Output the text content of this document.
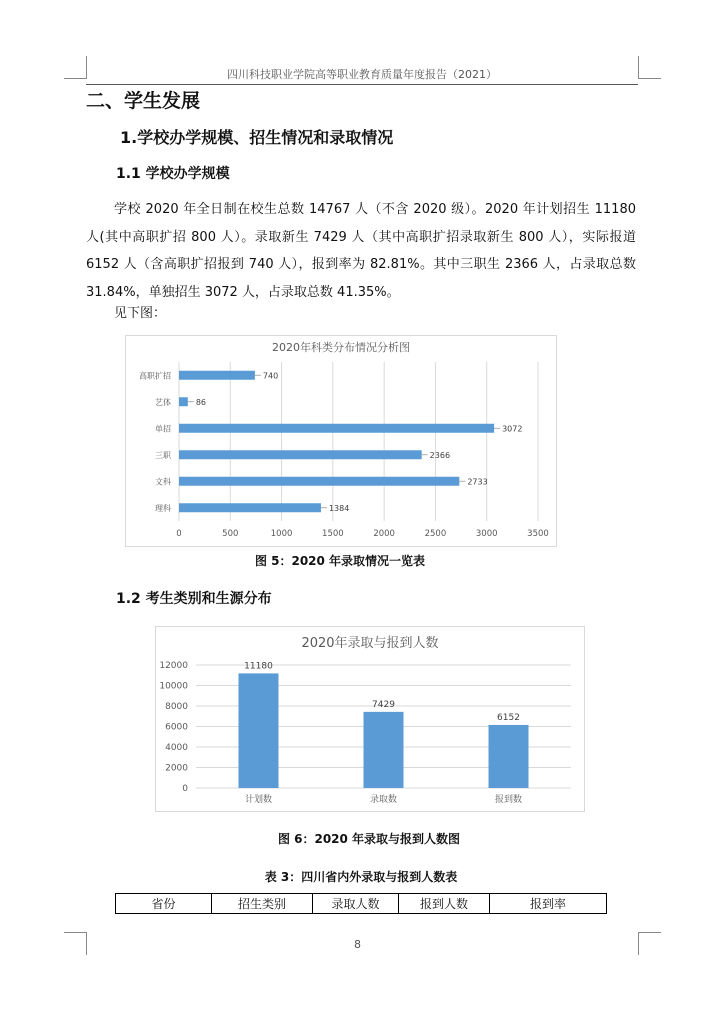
四川科技职业学院高等职业教育质量年度报告（2021）
二、学生发展
1.学校办学规模、招生情况和录取情况
1.1 学校办学规模
学校 2020 年全日制在校生总数 14767 人（不含 2020 级）。2020 年计划招生 11180 人(其中高职扩招 800 人）。录取新生 7429 人（其中高职扩招录取新生 800 人），实际报道 6152 人（含高职扩招报到 740 人），报到率为 82.81%。其中三职生 2366 人，占录取总数 31.84%，单独招生 3072 人，占录取总数 41.35%。
见下图：
2020年科类分布情况分析图
0	500	1000	1500	2000	2500	3000	3500
高职扩招	740
艺体	86
单招	3072
三职	2366
文科	2733
理科	1384
图 5：2020 年录取情况一览表
1.2 考生类别和生源分布
2020年录取与报到人数
0
2000
4000
6000
8000
10000
12000	11180
计划数
7429
录取数
6152
报到数
图 6：2020 年录取与报到人数图
表 3：四川省内外录取与报到人数表
省份	招生类别	录取人数	报到人数	报到率
8
